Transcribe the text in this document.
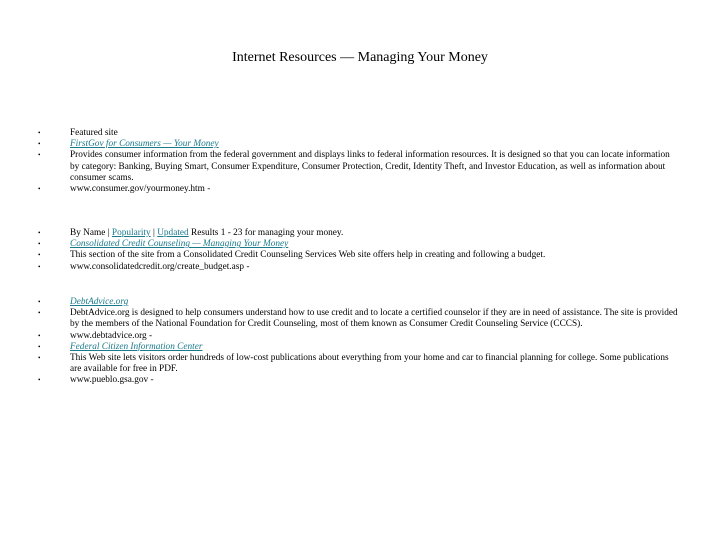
Internet Resources — Managing Your Money
•	Featured site
•	FirstGov for Consumers — Your Money
•	Provides consumer information from the federal government and displays links to federal information resources. It is designed so that you can locate information by category: Banking, Buying Smart, Consumer Expenditure, Consumer Protection, Credit, Identity Theft, and Investor Education, as well as information about consumer scams.
•	www.consumer.gov/yourmoney.htm -
•	By Name | Popularity | Updated Results 1 - 23 for managing your money.
•	Consolidated Credit Counseling — Managing Your Money
•	This section of the site from a Consolidated Credit Counseling Services Web site offers help in creating and following a budget.
•	www.consolidatedcredit.org/create_budget.asp -
•	DebtAdvice.org
•	DebtAdvice.org is designed to help consumers understand how to use credit and to locate a certified counselor if they are in need of assistance. The site is provided by the members of the National Foundation for Credit Counseling, most of them known as Consumer Credit Counseling Service (CCCS).
•	www.debtadvice.org -
•	Federal Citizen Information Center
•	This Web site lets visitors order hundreds of low-cost publications about everything from your home and car to financial planning for college. Some publications are available for free in PDF.
•	www.pueblo.gsa.gov -
